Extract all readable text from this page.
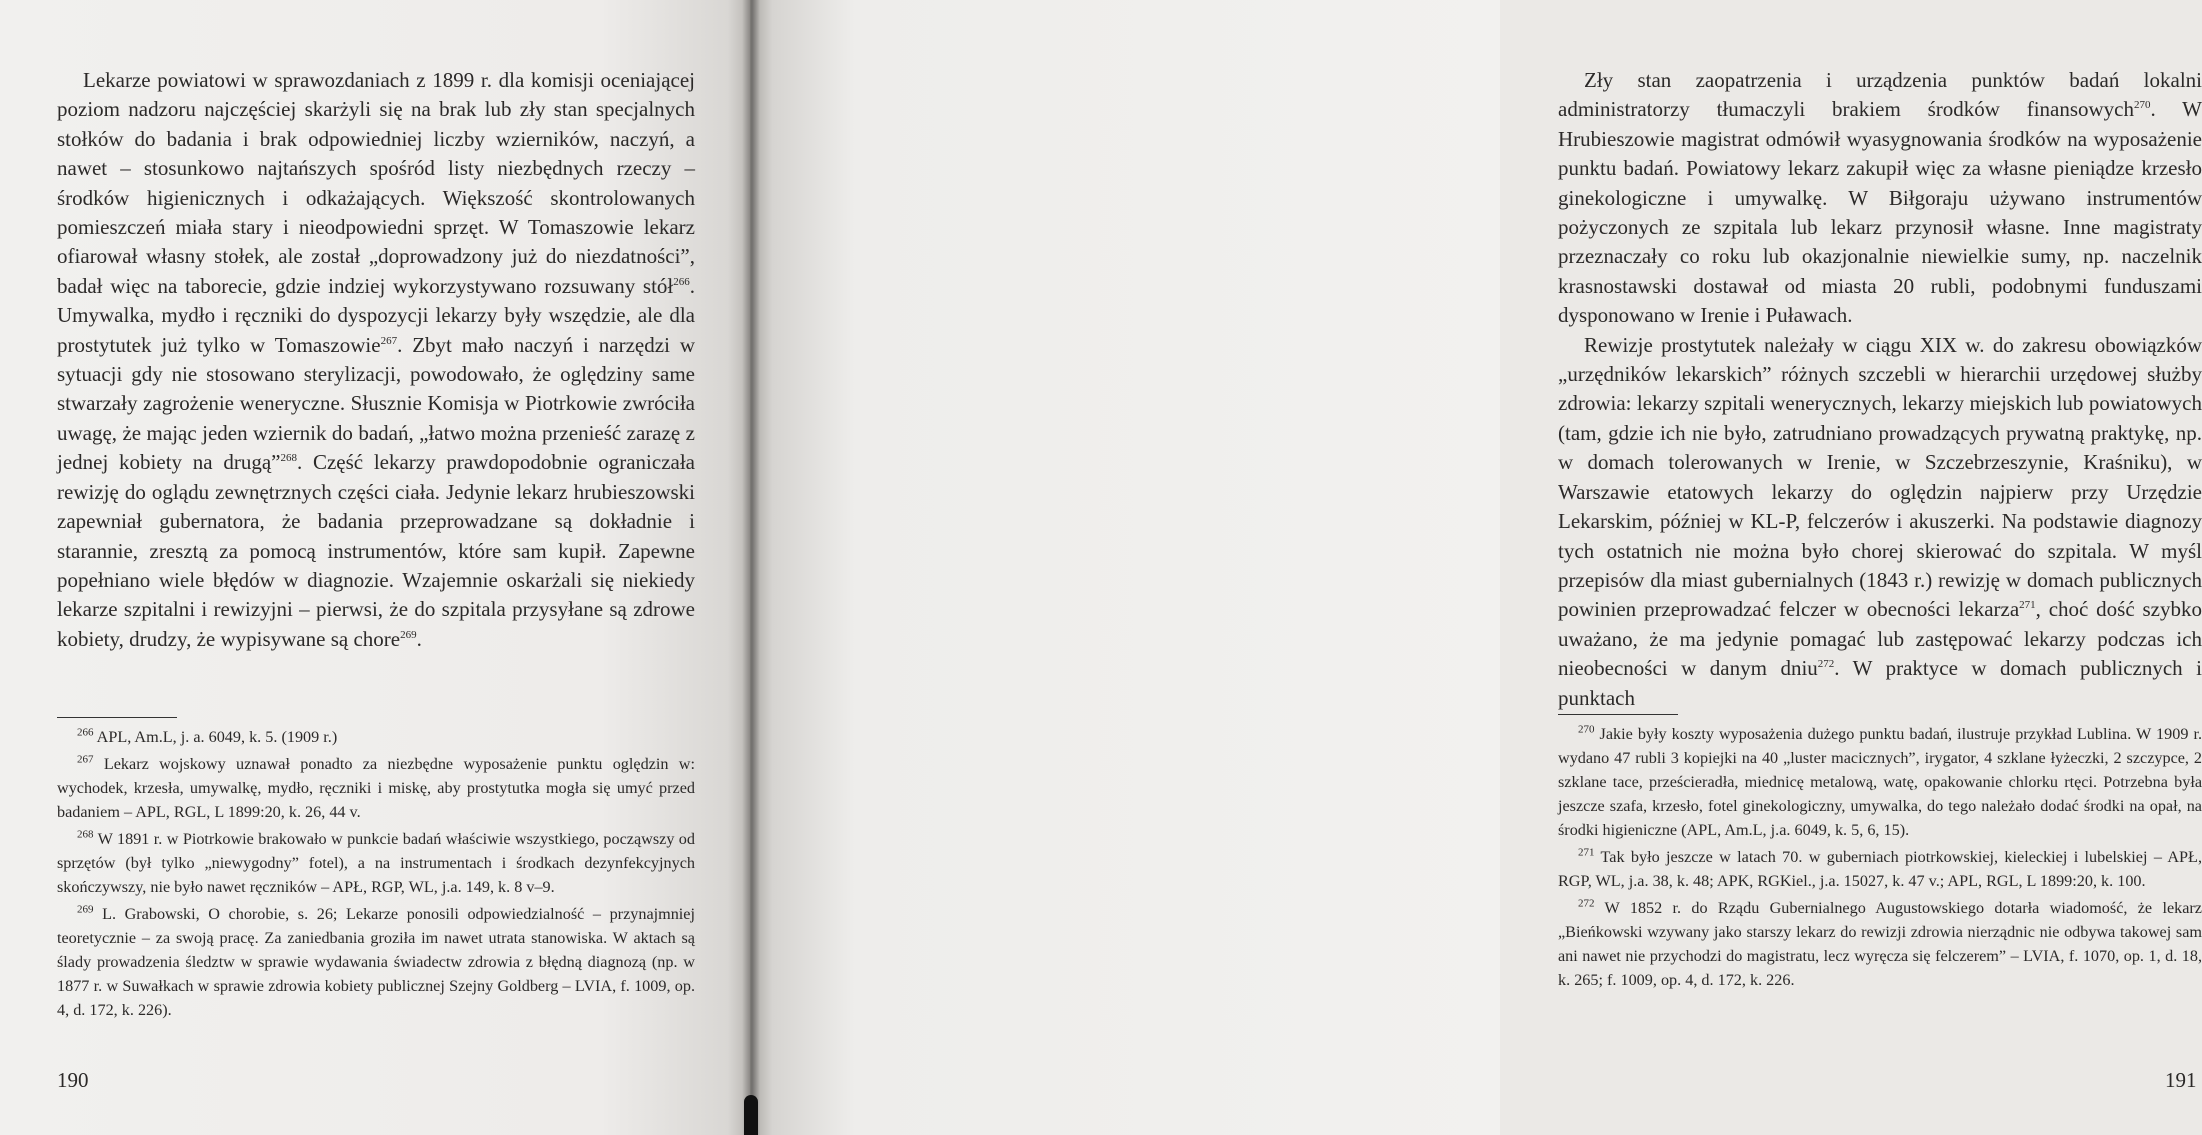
Lekarze powiatowi w sprawozdaniach z 1899 r. dla komisji oceniającej poziom nadzoru najczęściej skarżyli się na brak lub zły stan specjalnych stołków do badania i brak odpowiedniej liczby wzierników, naczyń, a nawet – stosunkowo najtańszych spośród listy niezbędnych rzeczy – środków higienicznych i odkażających. Większość skontrolowanych pomieszczeń miała stary i nieodpowiedni sprzęt. W Tomaszowie lekarz ofiarował własny stołek, ale został „doprowadzony już do niezdatności”, badał więc na taborecie, gdzie indziej wykorzystywano rozsuwany stół$^{266}$. Umywalka, mydło i ręczniki do dyspozycji lekarzy były wszędzie, ale dla prostytutek już tylko w Tomaszowie$^{267}$. Zbyt mało naczyń i narzędzi w sytuacji gdy nie stosowano sterylizacji, powodowało, że oględziny same stwarzały zagrożenie weneryczne. Słusznie Komisja w Piotrkowie zwróciła uwagę, że mając jeden wziernik do badań, „łatwo można przenieść zarazę z jednej kobiety na drugą”$^{268}$. Część lekarzy prawdopodobnie ograniczała rewizję do oglądu zewnętrznych części ciała. Jedynie lekarz hrubieszowski zapewniał gubernatora, że badania przeprowadzane są dokładnie i starannie, zresztą za pomocą instrumentów, które sam kupił. Zapewne popełniano wiele błędów w diagnozie. Wzajemnie oskarżali się niekiedy lekarze szpitalni i rewizyjni – pierwsi, że do szpitala przysyłane są zdrowe kobiety, drudzy, że wypisywane są chore$^{269}$.

$^{266}$ APL, Am.L, j. a. 6049, k. 5. (1909 r.)

$^{267}$ Lekarz wojskowy uznawał ponadto za niezbędne wyposażenie punktu oględzin w: wychodek, krzesła, umywalkę, mydło, ręczniki i miskę, aby prostytutka mogła się umyć przed badaniem – APL, RGL, L 1899:20, k. 26, 44 v.

$^{268}$ W 1891 r. w Piotrkowie brakowało w punkcie badań właściwie wszystkiego, począwszy od sprzętów (był tylko „niewygodny” fotel), a na instrumentach i środkach dezynfekcyjnych skończywszy, nie było nawet ręczników – APŁ, RGP, WL, j.a. 149, k. 8 v–9.

$^{269}$ L. Grabowski, O chorobie, s. 26; Lekarze ponosili odpowiedzialność – przynajmniej teoretycznie – za swoją pracę. Za zaniedbania groziła im nawet utrata stanowiska. W aktach są ślady prowadzenia śledztw w sprawie wydawania świadectw zdrowia z błędną diagnozą (np. w 1877 r. w Suwałkach w sprawie zdrowia kobiety publicznej Szejny Goldberg – LVIA, f. 1009, op. 4, d. 172, k. 226).

190

Zły stan zaopatrzenia i urządzenia punktów badań lokalni administratorzy tłumaczyli brakiem środków finansowych$^{270}$. W Hrubieszowie magistrat odmówił wyasygnowania środków na wyposażenie punktu badań. Powiatowy lekarz zakupił więc za własne pieniądze krzesło ginekologiczne i umywalkę. W Biłgoraju używano instrumentów pożyczonych ze szpitala lub lekarz przynosił własne. Inne magistraty przeznaczały co roku lub okazjonalnie niewielkie sumy, np. naczelnik krasnostawski dostawał od miasta 20 rubli, podobnymi funduszami dysponowano w Irenie i Puławach.

Rewizje prostytutek należały w ciągu XIX w. do zakresu obowiązków „urzędników lekarskich” różnych szczebli w hierarchii urzędowej służby zdrowia: lekarzy szpitali wenerycznych, lekarzy miejskich lub powiatowych (tam, gdzie ich nie było, zatrudniano prowadzących prywatną praktykę, np. w domach tolerowanych w Irenie, w Szczebrzeszynie, Kraśniku), w Warszawie etatowych lekarzy do oględzin najpierw przy Urzędzie Lekarskim, później w KL-P, felczerów i akuszerki. Na podstawie diagnozy tych ostatnich nie można było chorej skierować do szpitala. W myśl przepisów dla miast gubernialnych (1843 r.) rewizję w domach publicznych powinien przeprowadzać felczer w obecności lekarza$^{271}$, choć dość szybko uważano, że ma jedynie pomagać lub zastępować lekarzy podczas ich nieobecności w danym dniu$^{272}$. W praktyce w domach publicznych i punktach

$^{270}$ Jakie były koszty wyposażenia dużego punktu badań, ilustruje przykład Lublina. W 1909 r. wydano 47 rubli 3 kopiejki na 40 „luster macicznych”, irygator, 4 szklane łyżeczki, 2 szczypce, 2 szklane tace, prześcieradła, miednicę metalową, watę, opakowanie chlorku rtęci. Potrzebna była jeszcze szafa, krzesło, fotel ginekologiczny, umywalka, do tego należało dodać środki na opał, na środki higieniczne (APL, Am.L, j.a. 6049, k. 5, 6, 15).

$^{271}$ Tak było jeszcze w latach 70. w guberniach piotrkowskiej, kieleckiej i lubelskiej – APŁ, RGP, WL, j.a. 38, k. 48; APK, RGKiel., j.a. 15027, k. 47 v.; APL, RGL, L 1899:20, k. 100.

$^{272}$ W 1852 r. do Rządu Gubernialnego Augustowskiego dotarła wiadomość, że lekarz „Bieńkowski wzywany jako starszy lekarz do rewizji zdrowia nierządnic nie odbywa takowej sam ani nawet nie przychodzi do magistratu, lecz wyręcza się felczerem” – LVIA, f. 1070, op. 1, d. 18, k. 265; f. 1009, op. 4, d. 172, k. 226.

191
